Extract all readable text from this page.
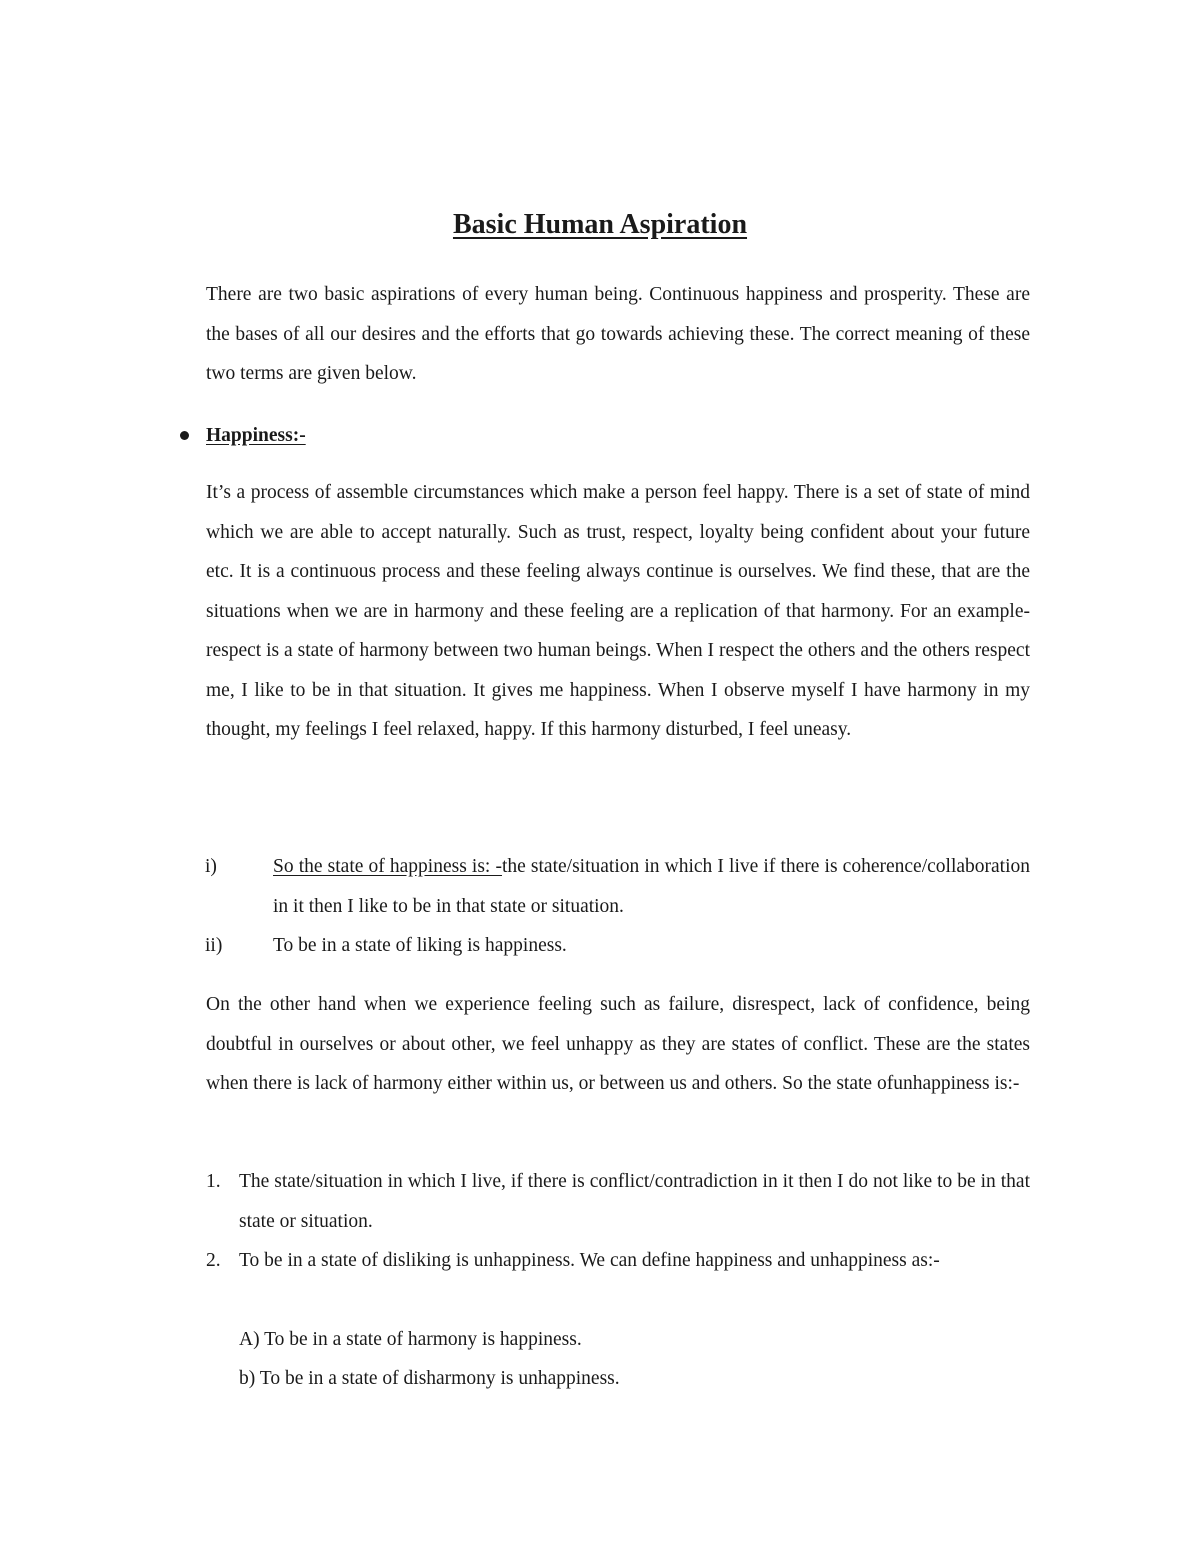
Basic Human Aspiration
There are two basic aspirations of every human being. Continuous happiness and prosperity. These are the bases of all our desires and the efforts that go towards achieving these. The correct meaning of these two terms are given below.
Happiness:-
It’s a process of assemble circumstances which make a person feel happy. There is a set of state of mind which we are able to accept naturally. Such as trust, respect, loyalty being confident about your future etc. It is a continuous process and these feeling always continue is ourselves. We find these, that are the situations when we are in harmony and these feeling are a replication of that harmony. For an example- respect is a state of harmony between two human beings. When I respect the others and the others respect me, I like to be in that situation. It gives me happiness. When I observe myself I have harmony in my thought, my feelings I feel relaxed, happy. If this harmony disturbed, I feel uneasy.
i)	So the state of happiness is: -the state/situation in which I live if there is coherence/collaboration in it then I like to be in that state or situation.
ii)	To be in a state of liking is happiness.
On the other hand when we experience feeling such as failure, disrespect, lack of confidence, being doubtful in ourselves or about other, we feel unhappy as they are states of conflict. These are the states when there is lack of harmony either within us, or between us and others. So the state ofunhappiness is:-
1. The state/situation in which I live, if there is conflict/contradiction in it then I do not like to be in that state or situation.
2. To be in a state of disliking is unhappiness. We can define happiness and unhappiness as:-
A) To be in a state of harmony is happiness.
b) To be in a state of disharmony is unhappiness.
